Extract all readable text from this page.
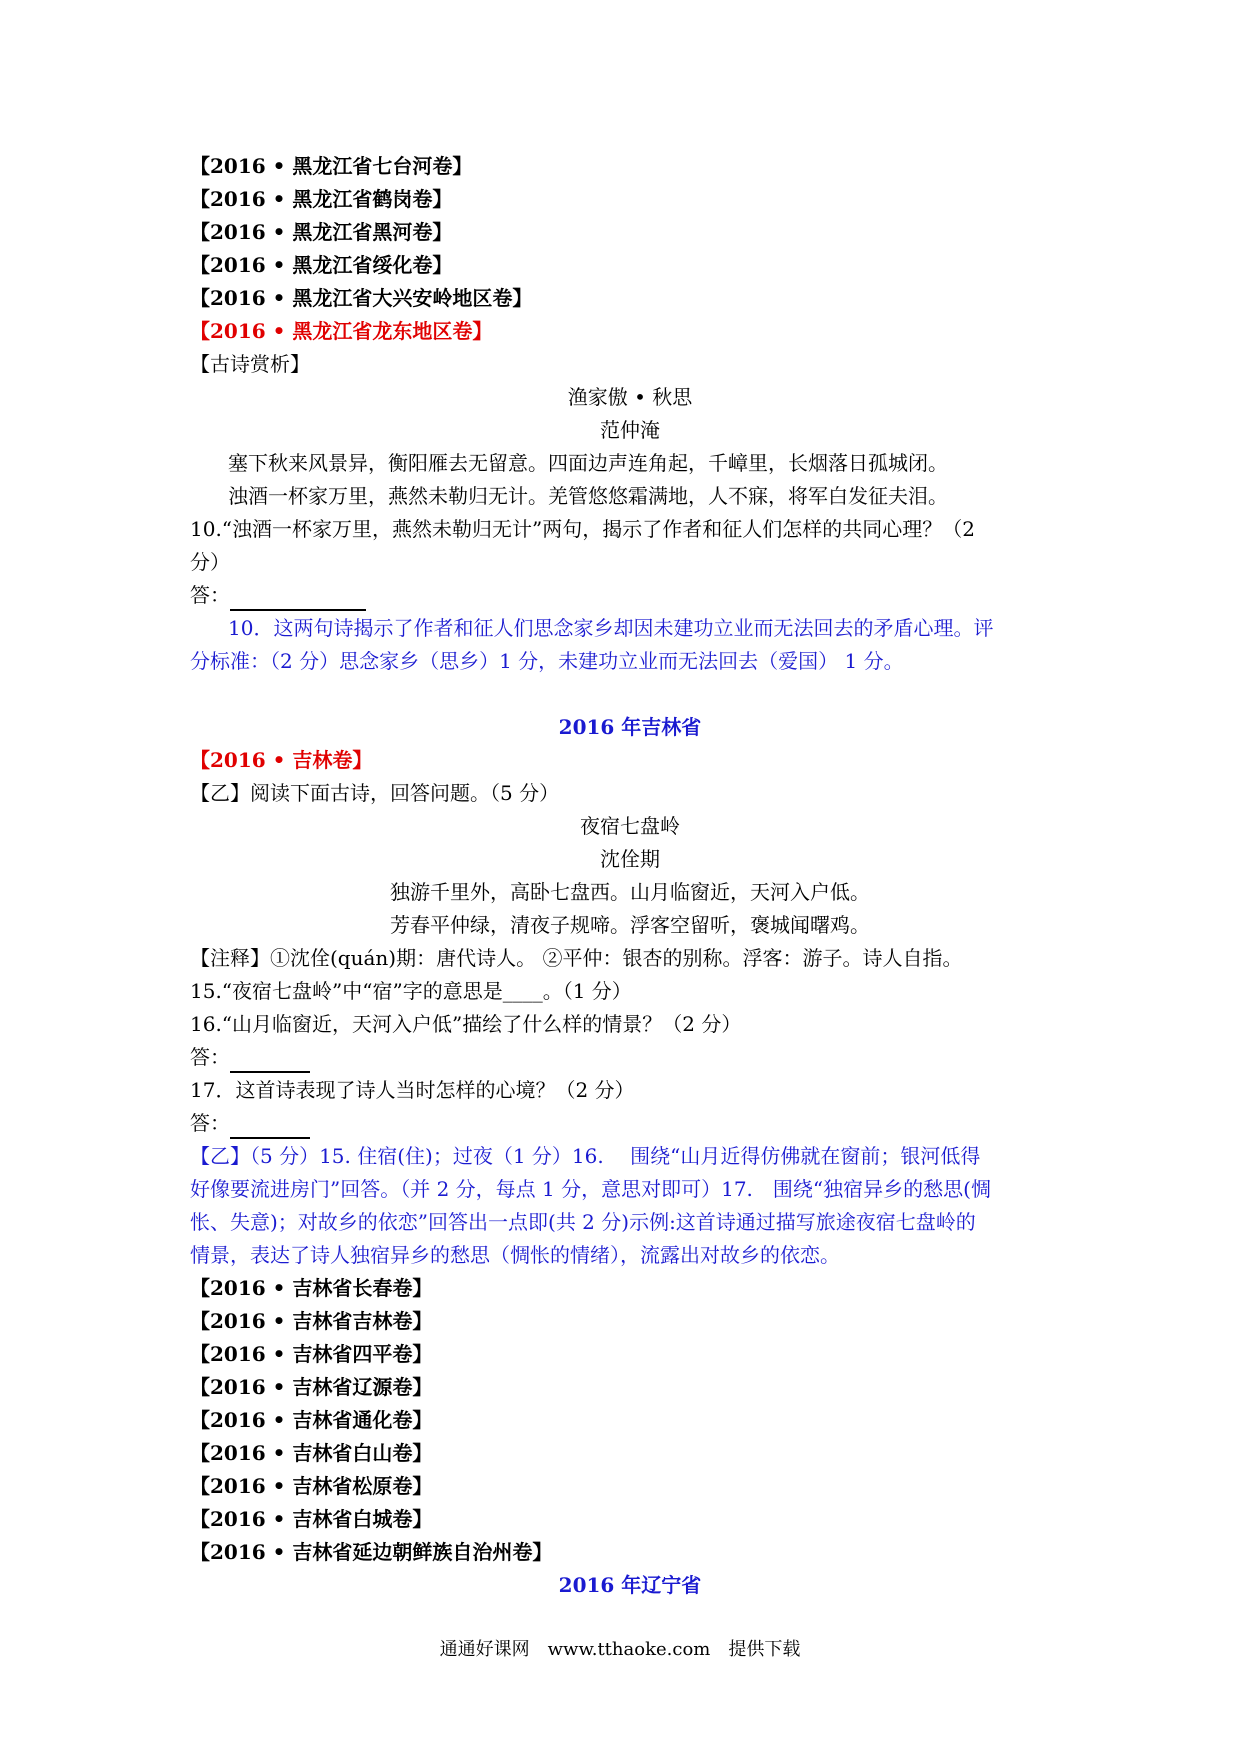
【2016 • 黑龙江省七台河卷】
【2016 • 黑龙江省鹤岗卷】
【2016 • 黑龙江省黑河卷】
【2016 • 黑龙江省绥化卷】
【2016 • 黑龙江省大兴安岭地区卷】
【2016 • 黑龙江省龙东地区卷】
【古诗赏析】
渔家傲 • 秋思
范仲淹
塞下秋来风景异，衡阳雁去无留意。四面边声连角起，千嶂里，长烟落日孤城闭。
浊酒一杯家万里，燕然未勒归无计。羌管悠悠霜满地，人不寐，将军白发征夫泪。
10.“浊酒一杯家万里，燕然未勒归无计”两句，揭示了作者和征人们怎样的共同心理？（2
分）
答：
10．这两句诗揭示了作者和征人们思念家乡却因未建功立业而无法回去的矛盾心理。评
分标准：（2 分）思念家乡（思乡）1 分，未建功立业而无法回去（爱国） 1 分。
2016 年吉林省
【2016 • 吉林卷】
【乙】阅读下面古诗，回答问题。（5 分）
夜宿七盘岭
沈佺期
独游千里外，高卧七盘西。山月临窗近，天河入户低。
芳春平仲绿，清夜子规啼。浮客空留听，褒城闻曙鸡。
【注释】①沈佺(quán)期：唐代诗人。 ②平仲：银杏的别称。浮客：游子。诗人自指。
15.“夜宿七盘岭”中“宿”字的意思是____。（1 分）
16.“山月临窗近，天河入户低”描绘了什么样的情景？（2 分）
答：
17．这首诗表现了诗人当时怎样的心境？（2 分）
答：
【乙】（5 分）15. 住宿(住)；过夜（1 分）16.　 围绕“山月近得仿佛就在窗前；银河低得
好像要流进房门”回答。（并 2 分，每点 1 分，意思对即可）17.　围绕“独宿异乡的愁思(惆
怅、失意)；对故乡的依恋”回答出一点即(共 2 分)示例:这首诗通过描写旅途夜宿七盘岭的
情景，表达了诗人独宿异乡的愁思（惆怅的情绪），流露出对故乡的依恋。
【2016 • 吉林省长春卷】
【2016 • 吉林省吉林卷】
【2016 • 吉林省四平卷】
【2016 • 吉林省辽源卷】
【2016 • 吉林省通化卷】
【2016 • 吉林省白山卷】
【2016 • 吉林省松原卷】
【2016 • 吉林省白城卷】
【2016 • 吉林省延边朝鲜族自治州卷】
2016 年辽宁省
通通好课网　www.tthaoke.com　提供下载
